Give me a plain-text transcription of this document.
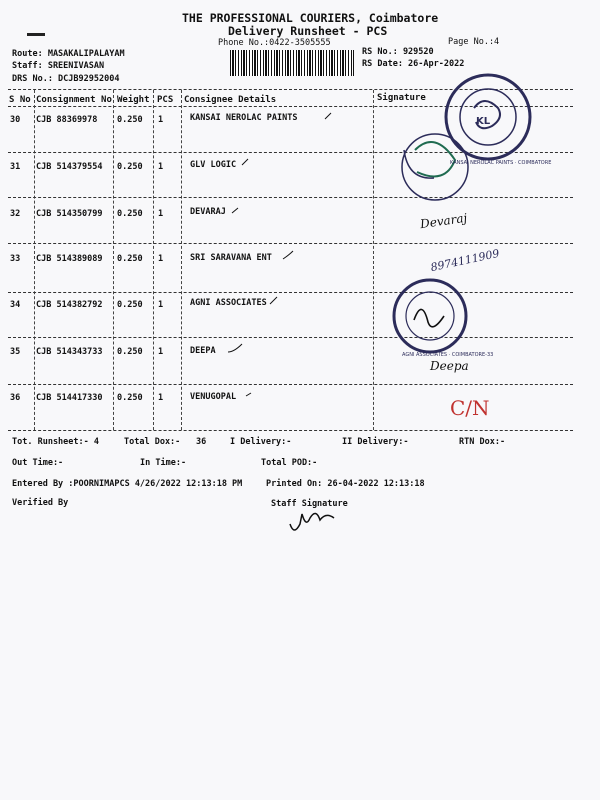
THE PROFESSIONAL COURIERS, Coimbatore
Delivery Runsheet - PCS
Phone No.:0422-3505555	Page No.:4
Route: MASAKALIPALAYAM
Staff: SREENIVASAN
DRS No.: DCJB92952004
RS No.: 929520
RS Date: 26-Apr-2022
S No Consignment No Weight PCS Consignee Details	Signature
30 CJB 88369978 0.250 1	KANSAI NEROLAC PAINTS
31 CJB 514379554 0.250 1	GLV LOGIC
32 CJB 514350799 0.250 1	DEVARAJ
33 CJB 514389089 0.250 1	SRI SARAVANA ENT
34 CJB 514382792 0.250 1	AGNI ASSOCIATES
35 CJB 514343733 0.250 1	DEEPA
36 CJB 514417330 0.250 1	VENUGOPAL
KL
KANSAI NEROLAC PAINTS · COIMBATORE
AGNI ASSOCIATES · COIMBATORE-33
Devaraj
8974111909
Deepa
C/N
Tot. Runsheet:- 4	Total Dox:- 36	I Delivery:-	II Delivery:-	RTN Dox:-
Out Time:-	In Time:-	Total POD:-
Entered By :POORNIMAPCS 4/26/2022 12:13:18 PM	Printed On: 26-04-2022 12:13:18
Verified By	Staff Signature
